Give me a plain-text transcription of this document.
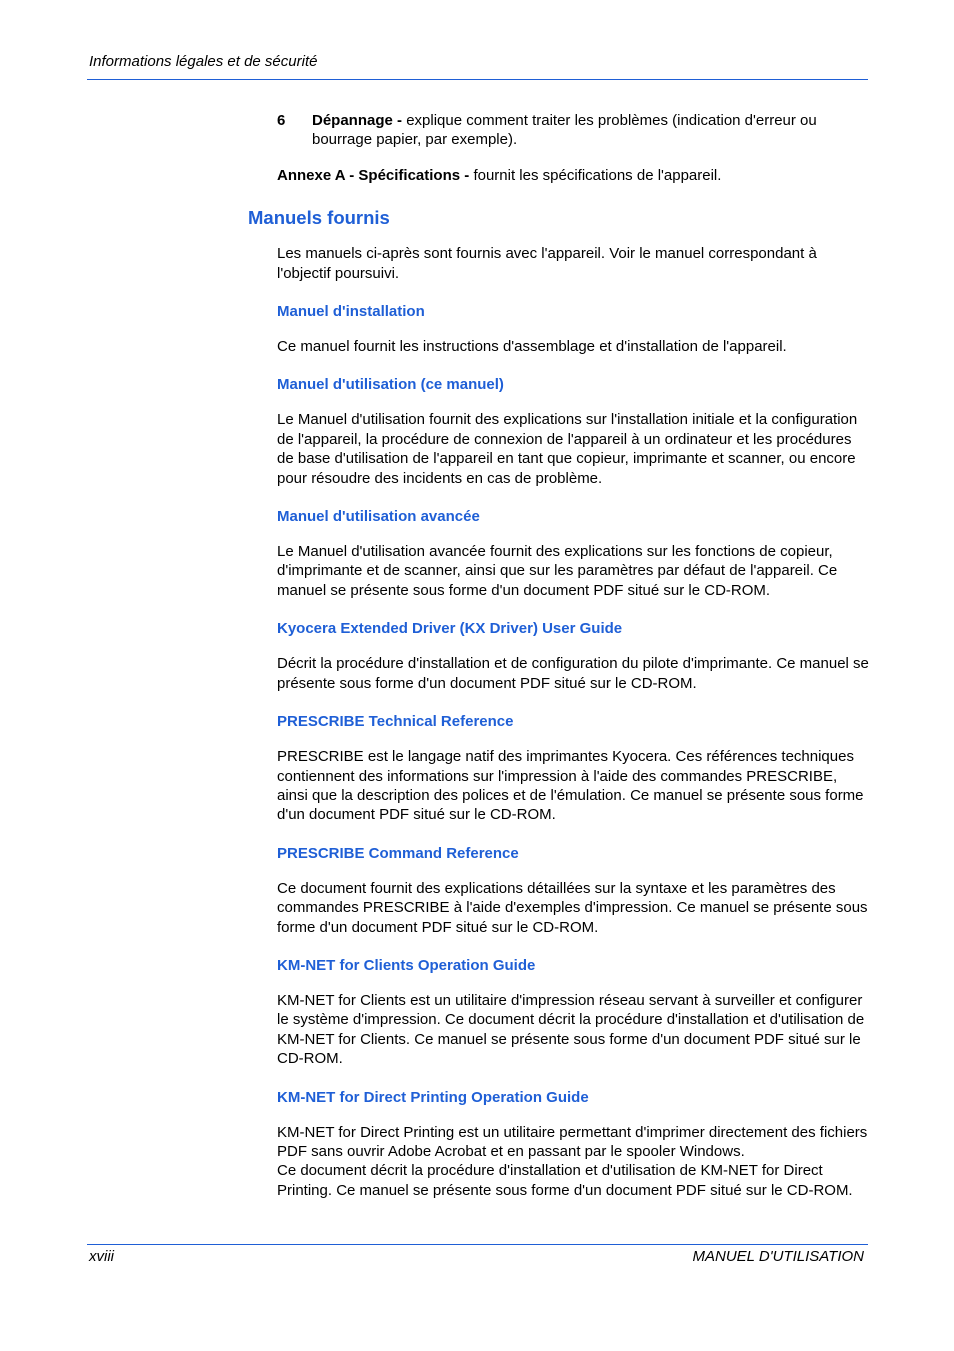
Informations légales et de sécurité
6	Dépannage - explique comment traiter les problèmes (indication d'erreur ou bourrage papier, par exemple).

Annexe A - Spécifications - fournit les spécifications de l'appareil.

Manuels fournis

Les manuels ci-après sont fournis avec l'appareil. Voir le manuel correspondant à l'objectif poursuivi.

Manuel d'installation

Ce manuel fournit les instructions d'assemblage et d'installation de l'appareil.

Manuel d'utilisation (ce manuel)

Le Manuel d'utilisation fournit des explications sur l'installation initiale et la configuration de l'appareil, la procédure de connexion de l'appareil à un ordinateur et les procédures de base d'utilisation de l'appareil en tant que copieur, imprimante et scanner, ou encore pour résoudre des incidents en cas de problème.

Manuel d'utilisation avancée

Le Manuel d'utilisation avancée fournit des explications sur les fonctions de copieur, d'imprimante et de scanner, ainsi que sur les paramètres par défaut de l'appareil. Ce manuel se présente sous forme d'un document PDF situé sur le CD-ROM.

Kyocera Extended Driver (KX Driver) User Guide

Décrit la procédure d'installation et de configuration du pilote d'imprimante. Ce manuel se présente sous forme d'un document PDF situé sur le CD-ROM.

PRESCRIBE Technical Reference

PRESCRIBE est le langage natif des imprimantes Kyocera. Ces références techniques contiennent des informations sur l'impression à l'aide des commandes PRESCRIBE, ainsi que la description des polices et de l'émulation. Ce manuel se présente sous forme d'un document PDF situé sur le CD-ROM.

PRESCRIBE Command Reference

Ce document fournit des explications détaillées sur la syntaxe et les paramètres des commandes PRESCRIBE à l'aide d'exemples d'impression. Ce manuel se présente sous forme d'un document PDF situé sur le CD-ROM.

KM-NET for Clients Operation Guide

KM-NET for Clients est un utilitaire d'impression réseau servant à surveiller et configurer le système d'impression. Ce document décrit la procédure d'installation et d'utilisation de KM-NET for Clients. Ce manuel se présente sous forme d'un document PDF situé sur le CD-ROM.

KM-NET for Direct Printing Operation Guide

KM-NET for Direct Printing est un utilitaire permettant d'imprimer directement des fichiers PDF sans ouvrir Adobe Acrobat et en passant par le spooler Windows.

Ce document décrit la procédure d'installation et d'utilisation de KM-NET for Direct Printing. Ce manuel se présente sous forme d'un document PDF situé sur le CD-ROM.

xviii	MANUEL D'UTILISATION
